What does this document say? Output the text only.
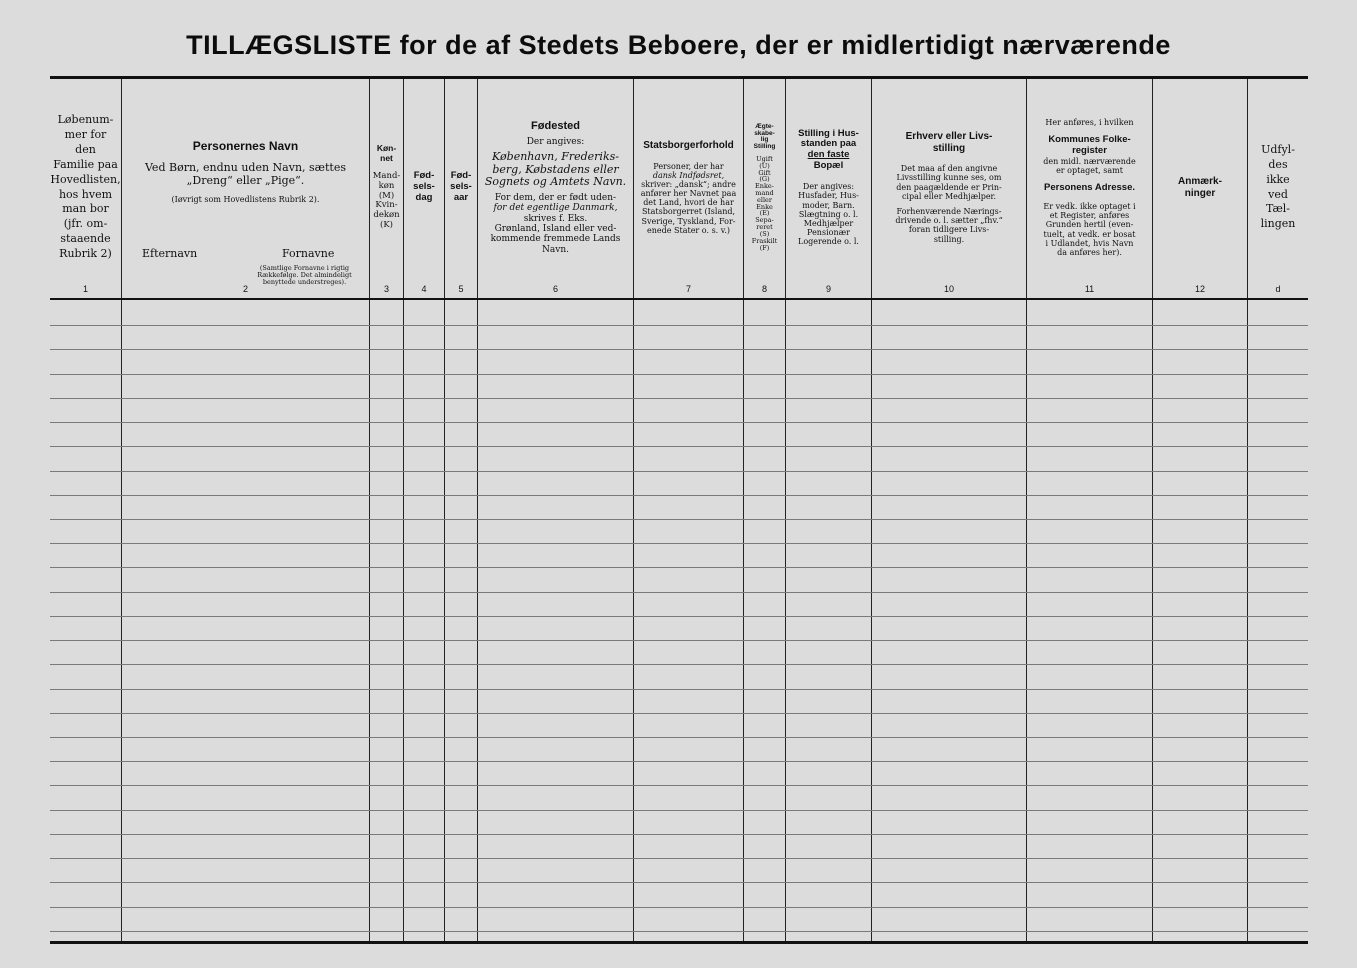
TILLÆGSLISTE for de af Stedets Beboere, der er midlertidigt nærværende
Løbenum-
mer for den
Familie paa
Hovedlisten,
hos hvem
man bor
(jfr. om-
staaende
Rubrik 2)
1
Personernes Navn
Ved Børn, endnu uden Navn, sættes
„Dreng“ eller „Pige“.
(Iøvrigt som Hovedlistens Rubrik 2).
Efternavn	Fornavne
(Samtlige Fornavne i rigtig Rækkefølge. Det almindeligt benyttede understreges).
2
Køn-
net
Mand-
køn
(M)
Kvin-
dekøn
(K)
3
Fød-
sels-
dag
4
Fød-
sels-
aar
5
Fødested
Der angives:
København, Frederiks-
berg, Købstadens eller
Sognets og Amtets Navn.
For dem, der er født uden-
for det egentlige Danmark,
skrives f. Eks.
Grønland, Island eller ved-
kommende fremmede Lands
Navn.
6
Statsborgerforhold
Personer, der har
dansk Indfødsret,
skriver: „dansk“; andre
anfører her Navnet paa
det Land, hvori de har
Statsborgerret (Island,
Sverige, Tyskland, For-
enede Stater o. s. v.)
7
Ægte-
skabe-
lig
Stilling
Ugift
(U)
Gift
(G)
Enke-
mand
eller
Enke
(E)
Sepa-
reret
(S)
Fraskilt
(F)
8
Stilling i Hus-
standen paa
den faste
Bopæl
Der angives:
Husfader, Hus-
moder, Barn.
Slægtning o. l.
Medhjælper
Pensionær
Logerende o. l.
9
Erhverv eller Livs-
stilling
Det maa af den angivne
Livsstilling kunne ses, om
den paagældende er Prin-
cipal eller Medhjælper.
Forhenværende Nærings-
drivende o. l. sætter „fhv.“
foran tidligere Livs-
stilling.
10
Her anføres, i hvilken
Kommunes Folke-
register
den midl. nærværende
er optaget, samt
Personens Adresse.
Er vedk. ikke optaget i
et Register, anføres
Grunden hertil (even-
tuelt, at vedk. er bosat
i Udlandet, hvis Navn
da anføres her).
11
Anmærk-
ninger
12
Udfyl-
des
ikke
ved
Tæl-
lingen
d
